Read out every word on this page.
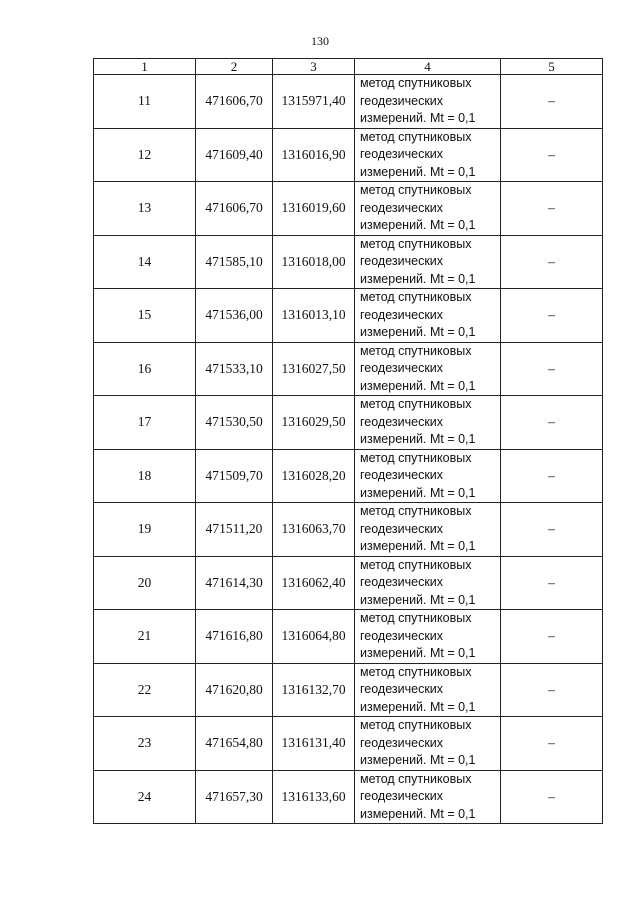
130
1	2	3	4	5
11	471606,70	1315971,40	метод спутниковых
геодезических
измерений. Mt = 0,1	–
12	471609,40	1316016,90	метод спутниковых
геодезических
измерений. Mt = 0,1	–
13	471606,70	1316019,60	метод спутниковых
геодезических
измерений. Mt = 0,1	–
14	471585,10	1316018,00	метод спутниковых
геодезических
измерений. Mt = 0,1	–
15	471536,00	1316013,10	метод спутниковых
геодезических
измерений. Mt = 0,1	–
16	471533,10	1316027,50	метод спутниковых
геодезических
измерений. Mt = 0,1	–
17	471530,50	1316029,50	метод спутниковых
геодезических
измерений. Mt = 0,1	–
18	471509,70	1316028,20	метод спутниковых
геодезических
измерений. Mt = 0,1	–
19	471511,20	1316063,70	метод спутниковых
геодезических
измерений. Mt = 0,1	–
20	471614,30	1316062,40	метод спутниковых
геодезических
измерений. Mt = 0,1	–
21	471616,80	1316064,80	метод спутниковых
геодезических
измерений. Mt = 0,1	–
22	471620,80	1316132,70	метод спутниковых
геодезических
измерений. Mt = 0,1	–
23	471654,80	1316131,40	метод спутниковых
геодезических
измерений. Mt = 0,1	–
24	471657,30	1316133,60	метод спутниковых
геодезических
измерений. Mt = 0,1	–
